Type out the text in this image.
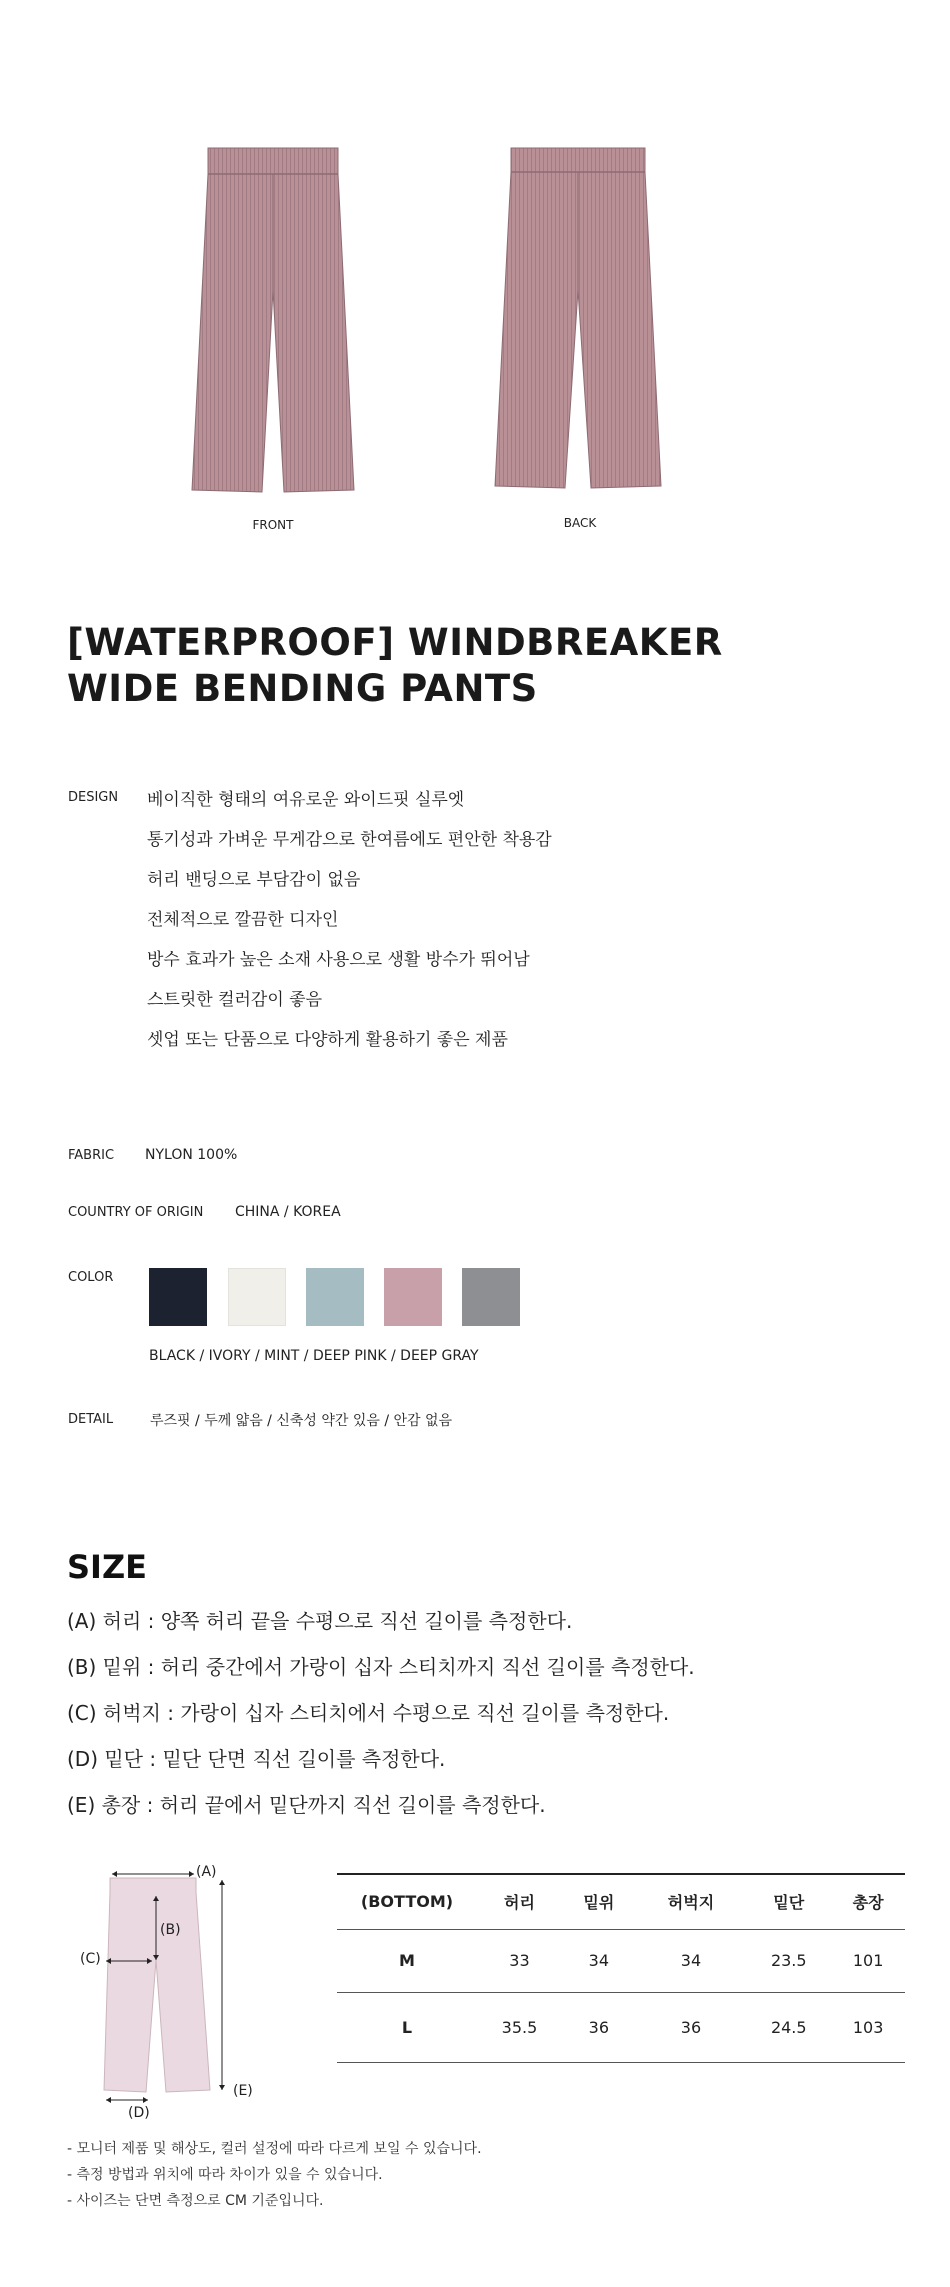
FRONT	BACK
[WATERPROOF] WINDBREAKER WIDE BENDING PANTS
DESIGN 베이직한 형태의 여유로운 와이드핏 실루엣
통기성과 가벼운 무게감으로 한여름에도 편안한 착용감
허리 밴딩으로 부담감이 없음
전체적으로 깔끔한 디자인
방수 효과가 높은 소재 사용으로 생활 방수가 뛰어남
스트릿한 컬러감이 좋음
셋업 또는 단품으로 다양하게 활용하기 좋은 제품
FABRIC NYLON 100%
COUNTRY OF ORIGIN CHINA / KOREA
COLOR
BLACK / IVORY / MINT / DEEP PINK / DEEP GRAY
DETAIL	루즈핏 / 두께 얇음 / 신축성 약간 있음 / 안감 없음
SIZE
(A) 허리 : 양쪽 허리 끝을 수평으로 직선 길이를 측정한다.
(B) 밑위 : 허리 중간에서 가랑이 십자 스티치까지 직선 길이를 측정한다.
(C) 허벅지 : 가랑이 십자 스티치에서 수평으로 직선 길이를 측정한다.
(D) 밑단 : 밑단 단면 직선 길이를 측정한다.
(E) 총장 : 허리 끝에서 밑단까지 직선 길이를 측정한다.
(A)
(B)
(C)
(D)
(E)
(BOTTOM)	허리	밑위	허벅지	밑단	총장
M	33	34	34	23.5	101
L	35.5	36	36	24.5	103
- 모니터 제품 및 해상도, 컬러 설정에 따라 다르게 보일 수 있습니다.
- 측정 방법과 위치에 따라 차이가 있을 수 있습니다.
- 사이즈는 단면 측정으로 CM 기준입니다.
